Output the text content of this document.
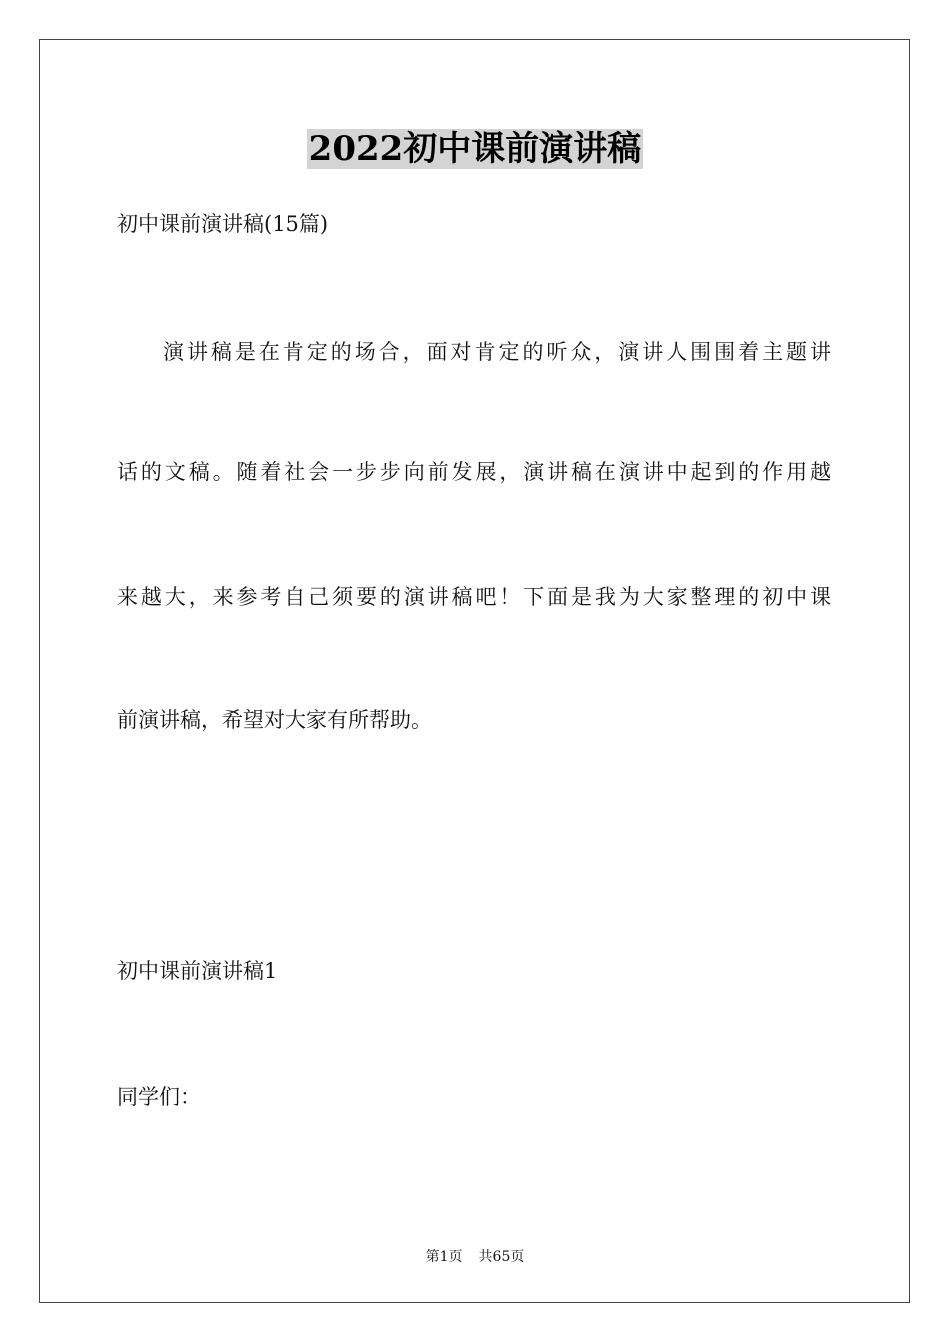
2022初中课前演讲稿
初中课前演讲稿(15篇)
演讲稿是在肯定的场合，面对肯定的听众，演讲人围围着主题讲
话的文稿。随着社会一步步向前发展，演讲稿在演讲中起到的作用越
来越大，来参考自己须要的演讲稿吧！下面是我为大家整理的初中课
前演讲稿，希望对大家有所帮助。
初中课前演讲稿1
同学们：
第1页 共65页
